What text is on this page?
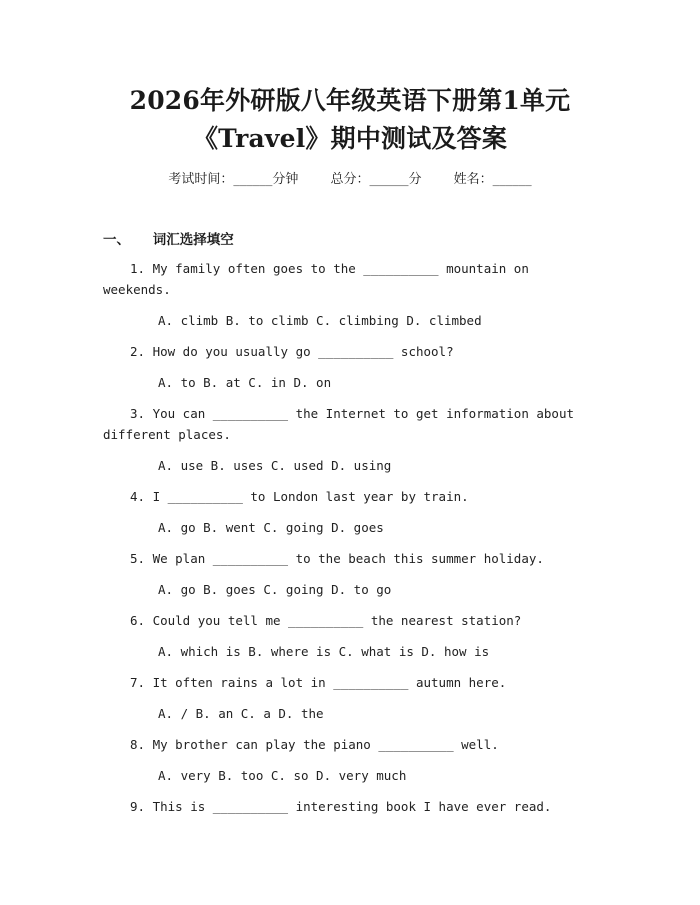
2026年外研版八年级英语下册第1单元
《Travel》期中测试及答案
考试时间：______分钟 总分：______分 姓名：______
一、 词汇选择填空

1. My family often goes to the __________ mountain on weekends.

A. climb B. to climb C. climbing D. climbed

2. How do you usually go __________ school?

A. to B. at C. in D. on

3. You can __________ the Internet to get information about different places.

A. use B. uses C. used D. using

4. I __________ to London last year by train.

A. go B. went C. going D. goes

5. We plan __________ to the beach this summer holiday.

A. go B. goes C. going D. to go

6. Could you tell me __________ the nearest station?

A. which is B. where is C. what is D. how is

7. It often rains a lot in __________ autumn here.

A. / B. an C. a D. the

8. My brother can play the piano __________ well.

A. very B. too C. so D. very much

9. This is __________ interesting book I have ever read.
